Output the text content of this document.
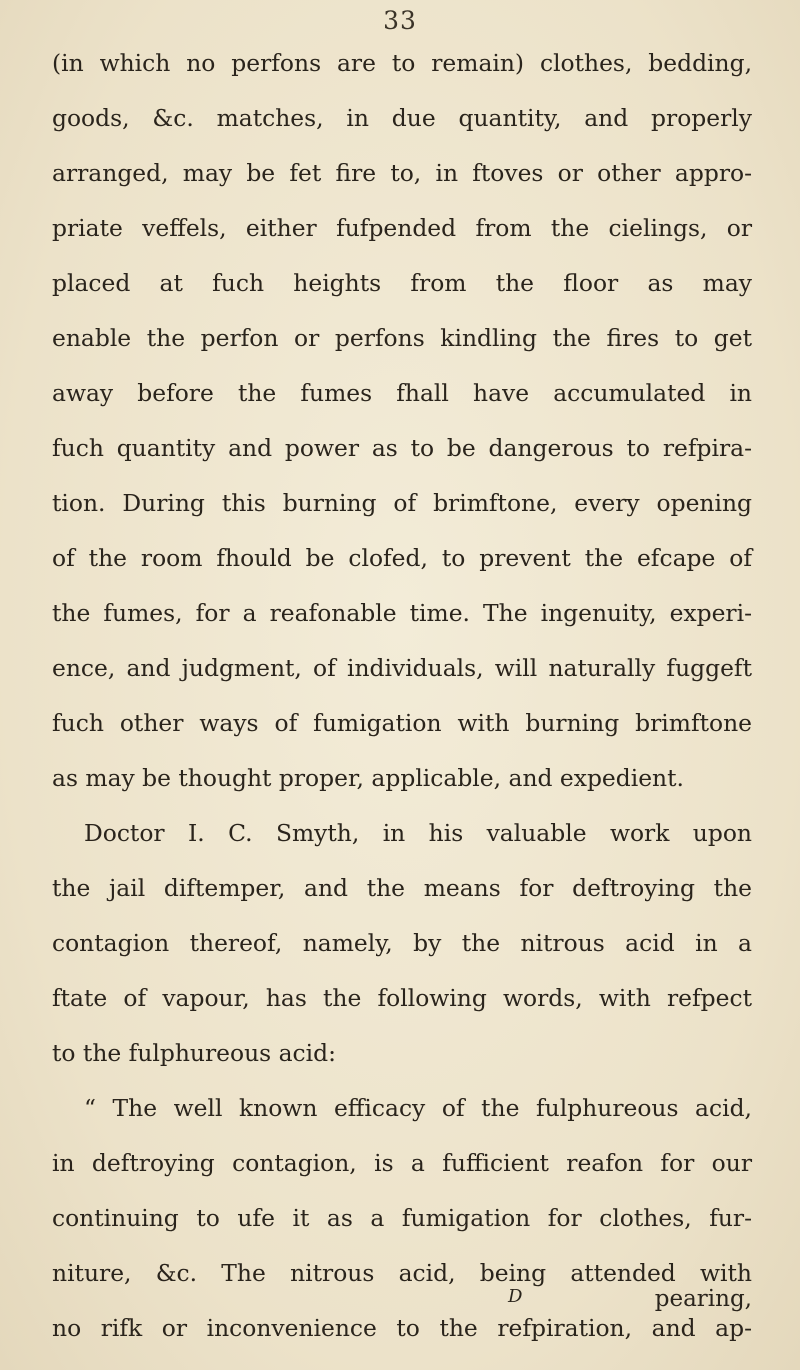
33
(in which no perfons are to remain) clothes, bedding,
goods, &c. matches, in due quantity, and properly
arranged, may be fet fire to, in ftoves or other appro-
priate veffels, either fufpended from the cielings, or
placed at fuch heights from the floor as may
enable the perfon or perfons kindling the fires to get
away before the fumes fhall have accumulated in
fuch quantity and power as to be dangerous to refpira-
tion. During this burning of brimftone, every opening
of the room fhould be clofed, to prevent the efcape of
the fumes, for a reafonable time. The ingenuity, experi-
ence, and judgment, of individuals, will naturally fuggeft
fuch other ways of fumigation with burning brimftone
as may be thought proper, applicable, and expedient.
Doctor I. C. Smyth, in his valuable work upon
the jail diftemper, and the means for deftroying the
contagion thereof, namely, by the nitrous acid in a
ftate of vapour, has the following words, with refpect
to the fulphureous acid:
“ The well known efficacy of the fulphureous acid,
in deftroying contagion, is a fufficient reafon for our
continuing to ufe it as a fumigation for clothes, fur-
niture, &c. The nitrous acid, being attended with
no rifk or inconvenience to the refpiration, and ap-
D	pearing,
